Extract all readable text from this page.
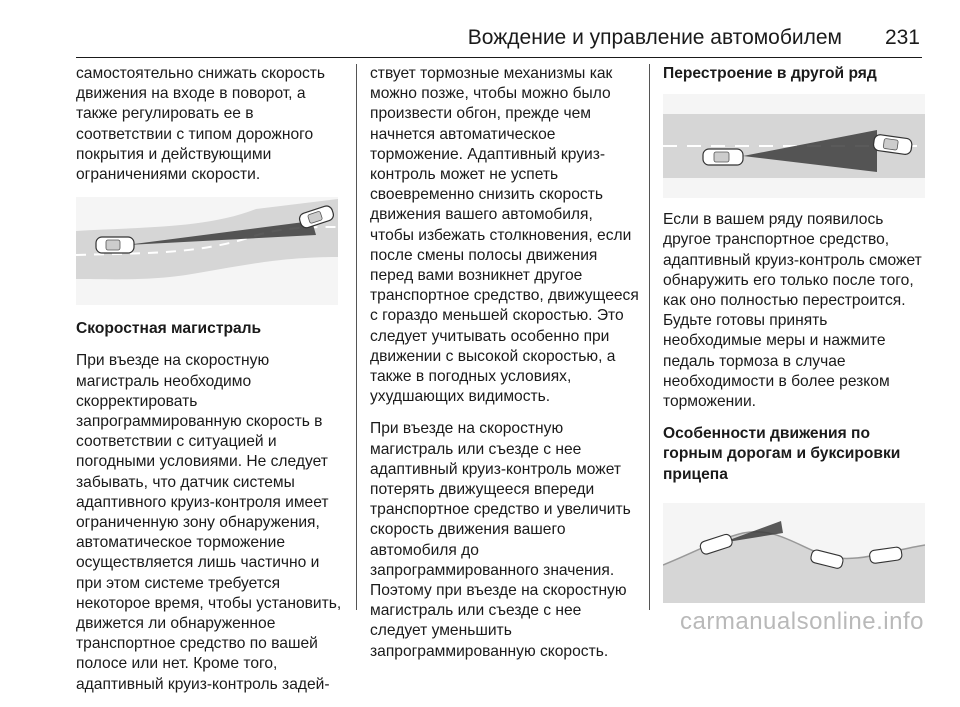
Вождение и управление автомобилем 231

самостоятельно снижать скорость движения на входе в поворот, а также регулировать ее в соответствии с типом дорожного покрытия и действующими ограничениями скорости.

Скоростная магистраль

При въезде на скоростную магистраль необходимо скорректировать запрограммированную скорость в соответствии с ситуацией и погодными условиями. Не следует забывать, что датчик системы адаптивного круиз-контроля имеет ограниченную зону обнаружения, автоматическое торможение осуществляется лишь частично и при этом системе требуется некоторое время, чтобы установить, движется ли обнаруженное транспортное средство по вашей полосе или нет. Кроме того, адаптивный круиз-контроль задей-

ствует тормозные механизмы как можно позже, чтобы можно было произвести обгон, прежде чем начнется автоматическое торможение. Адаптивный круиз-контроль может не успеть своевременно снизить скорость движения вашего автомобиля, чтобы избежать столкновения, если после смены полосы движения перед вами возникнет другое транспортное средство, движущееся с гораздо меньшей скоростью. Это следует учитывать особенно при движении с высокой скоростью, а также в погодных условиях, ухудшающих видимость.

При въезде на скоростную магистраль или съезде с нее адаптивный круиз-контроль может потерять движущееся впереди транспортное средство и увеличить скорость движения вашего автомобиля до запрограммированного значения. Поэтому при въезде на скоростную магистраль или съезде с нее следует уменьшить запрограммированную скорость.

Перестроение в другой ряд

Если в вашем ряду появилось другое транспортное средство, адаптивный круиз-контроль сможет обнаружить его только после того, как оно полностью перестроится. Будьте готовы принять необходимые меры и нажмите педаль тормоза в случае необходимости в более резком торможении.

Особенности движения по горным дорогам и буксировки прицепа

carmanualsonline.info
